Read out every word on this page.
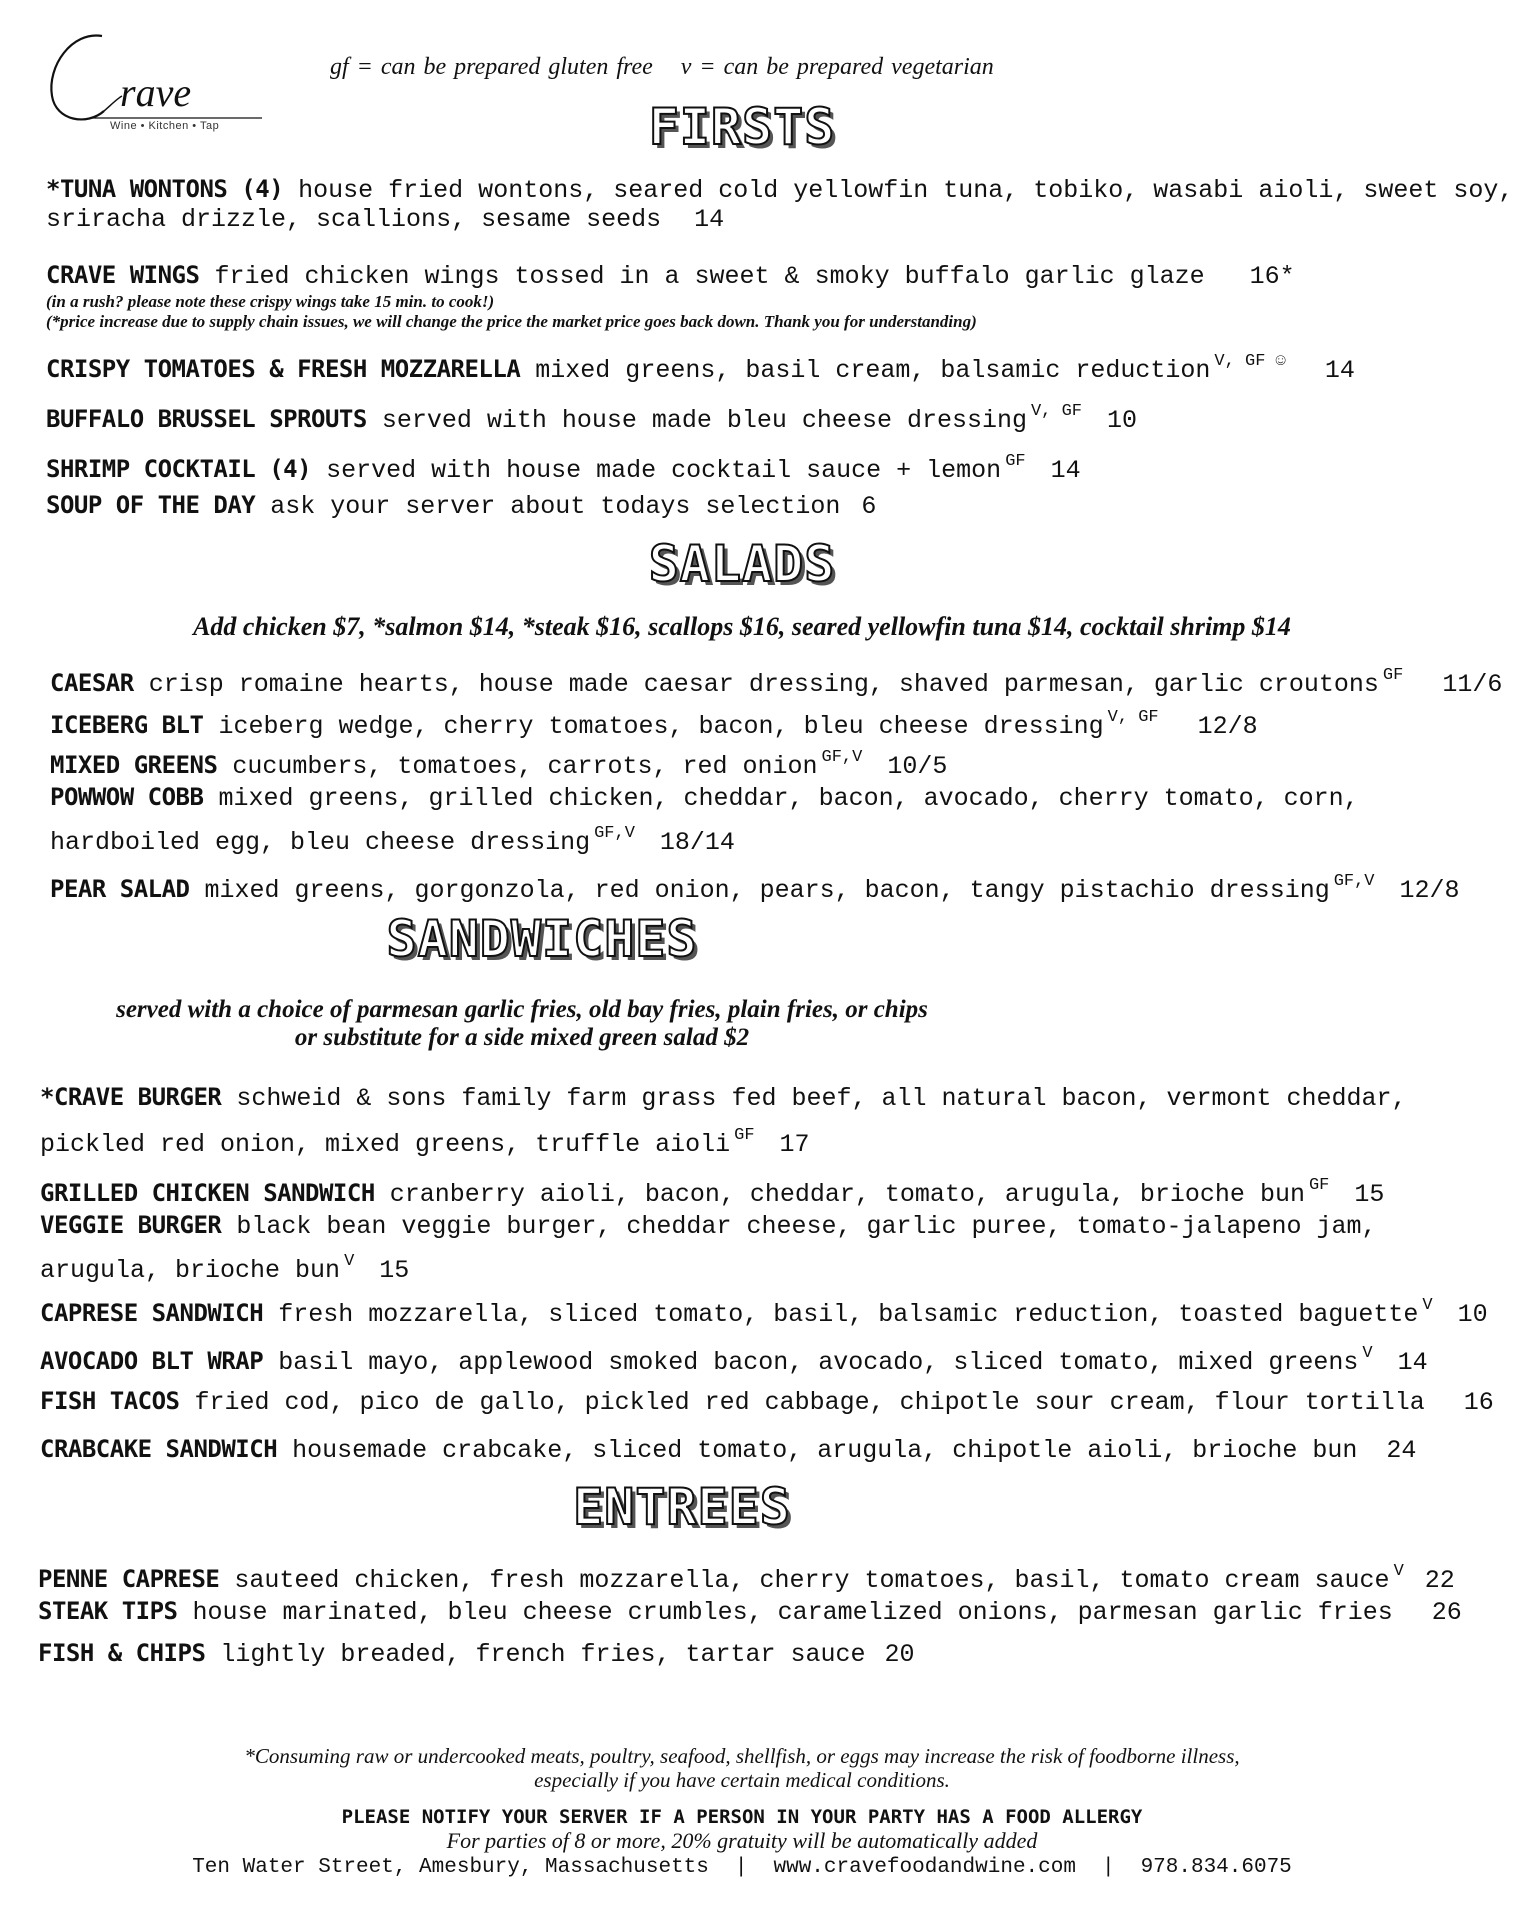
rave
Wine • Kitchen • Tap
gf = can be prepared gluten free v = can be prepared vegetarian
FIRSTS
*TUNA WONTONS (4) house fried wontons, seared cold yellowfin tuna, tobiko, wasabi aioli, sweet soy,
sriracha drizzle, scallions, sesame seeds 14
CRAVE WINGS fried chicken wings tossed in a sweet & smoky buffalo garlic glaze 16*
(in a rush? please note these crispy wings take 15 min. to cook!)
(*price increase due to supply chain issues, we will change the price the market price goes back down. Thank you for understanding)
CRISPY TOMATOES & FRESH MOZZARELLA mixed greens, basil cream, balsamic reduction $^{V, GF ☺}$ 14
BUFFALO BRUSSEL SPROUTS served with house made bleu cheese dressing $^{V, GF}$ 10
SHRIMP COCKTAIL (4) served with house made cocktail sauce + lemon $^{GF}$ 14
SOUP OF THE DAY ask your server about todays selection 6
SALADS
Add chicken $7, *salmon $14, *steak $16, scallops $16, seared yellowfin tuna $14, cocktail shrimp $14
CAESAR crisp romaine hearts, house made caesar dressing, shaved parmesan, garlic croutons $^{GF}$ 11/6
ICEBERG BLT iceberg wedge, cherry tomatoes, bacon, bleu cheese dressing $^{V, GF}$ 12/8
MIXED GREENS cucumbers, tomatoes, carrots, red onion $^{GF,V}$ 10/5
POWWOW COBB mixed greens, grilled chicken, cheddar, bacon, avocado, cherry tomato, corn,
hardboiled egg, bleu cheese dressing $^{GF,V}$ 18/14
PEAR SALAD mixed greens, gorgonzola, red onion, pears, bacon, tangy pistachio dressing $^{GF,V}$ 12/8
SANDWICHES
served with a choice of parmesan garlic fries, old bay fries, plain fries, or chips
or substitute for a side mixed green salad $2
*CRAVE BURGER schweid & sons family farm grass fed beef, all natural bacon, vermont cheddar,
pickled red onion, mixed greens, truffle aioli $^{GF}$ 17
GRILLED CHICKEN SANDWICH cranberry aioli, bacon, cheddar, tomato, arugula, brioche bun $^{GF}$ 15
VEGGIE BURGER black bean veggie burger, cheddar cheese, garlic puree, tomato-jalapeno jam,
arugula, brioche bun $^V$ 15
CAPRESE SANDWICH fresh mozzarella, sliced tomato, basil, balsamic reduction, toasted baguette $^V$ 10
AVOCADO BLT WRAP basil mayo, applewood smoked bacon, avocado, sliced tomato, mixed greens $^V$ 14
FISH TACOS fried cod, pico de gallo, pickled red cabbage, chipotle sour cream, flour tortilla 16
CRABCAKE SANDWICH housemade crabcake, sliced tomato, arugula, chipotle aioli, brioche bun 24
ENTREES
PENNE CAPRESE sauteed chicken, fresh mozzarella, cherry tomatoes, basil, tomato cream sauce $^V$ 22
STEAK TIPS house marinated, bleu cheese crumbles, caramelized onions, parmesan garlic fries 26
FISH & CHIPS lightly breaded, french fries, tartar sauce 20
*Consuming raw or undercooked meats, poultry, seafood, shellfish, or eggs may increase the risk of foodborne illness,
especially if you have certain medical conditions.
PLEASE NOTIFY YOUR SERVER IF A PERSON IN YOUR PARTY HAS A FOOD ALLERGY
For parties of 8 or more, 20% gratuity will be automatically added
Ten Water Street, Amesbury, Massachusetts | www.cravefoodandwine.com | 978.834.6075
